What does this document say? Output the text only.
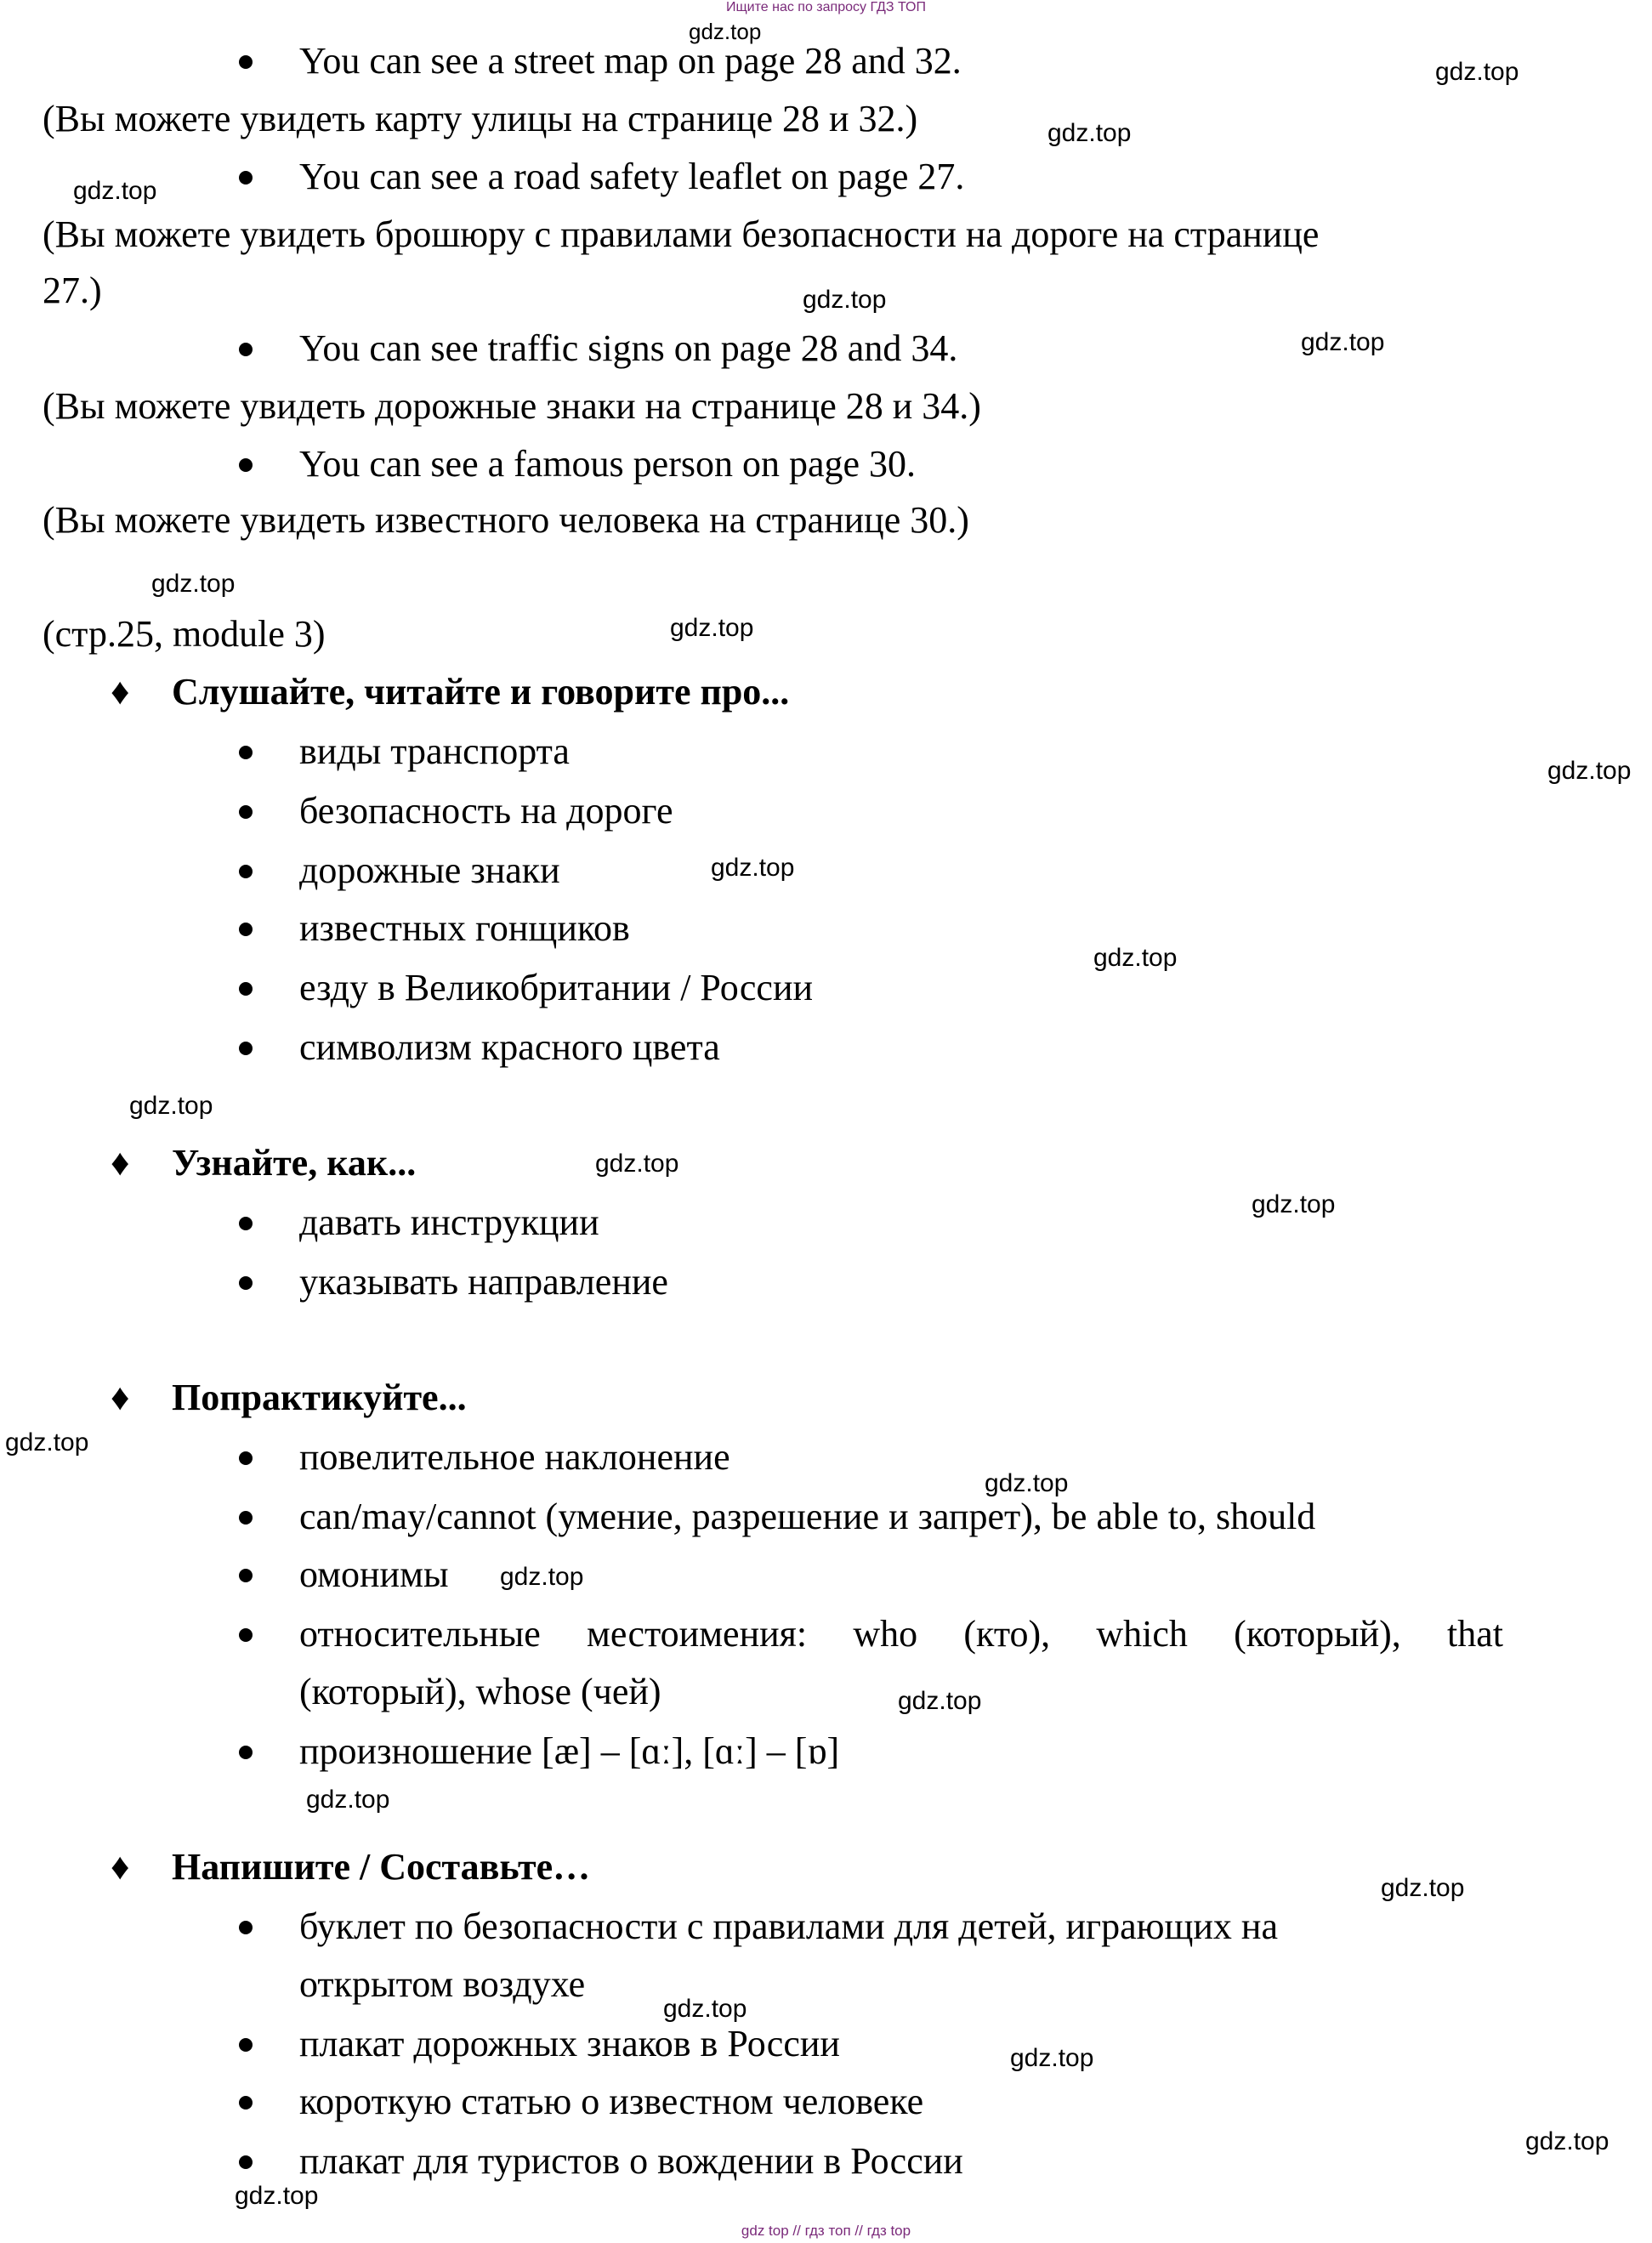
Ищите нас по запросу ГДЗ ТОП
gdz.top
gdz.top
gdz.top
gdz.top
gdz.top
gdz.top
gdz.top
gdz.top
gdz.top
gdz.top
gdz.top
gdz.top
gdz.top
gdz.top
gdz.top
gdz.top
gdz.top
gdz.top
gdz.top
gdz.top
gdz.top
gdz.top
gdz.top
gdz.top
You can see a street map on page 28 and 32.
(Вы можете увидеть карту улицы на странице 28 и 32.)
You can see a road safety leaflet on page 27.
(Вы можете увидеть брошюру с правилами безопасности на дороге на странице
27.)
You can see traffic signs on page 28 and 34.
(Вы можете увидеть дорожные знаки на странице 28 и 34.)
You can see a famous person on page 30.
(Вы можете увидеть известного человека на странице 30.)
(стр.25, module 3)
♦ Слушайте, читайте и говорите про...
виды транспорта
безопасность на дороге
дорожные знаки
известных гонщиков
езду в Великобритании / России
символизм красного цвета
♦ Узнайте, как...
давать инструкции
указывать направление
♦ Попрактикуйте...
повелительное наклонение
can/may/cannot (умение, разрешение и запрет), be able to, should
омонимы
относительные местоимения: who (кто), which (который), that
(который), whose (чей)
произношение [æ] – [ɑː], [ɑː] – [ɒ]
♦ Напишите / Составьте…
буклет по безопасности с правилами для детей, играющих на
открытом воздухе
плакат дорожных знаков в России
короткую статью о известном человеке
плакат для туристов о вождении в России
gdz top // гдз топ // гдз top
